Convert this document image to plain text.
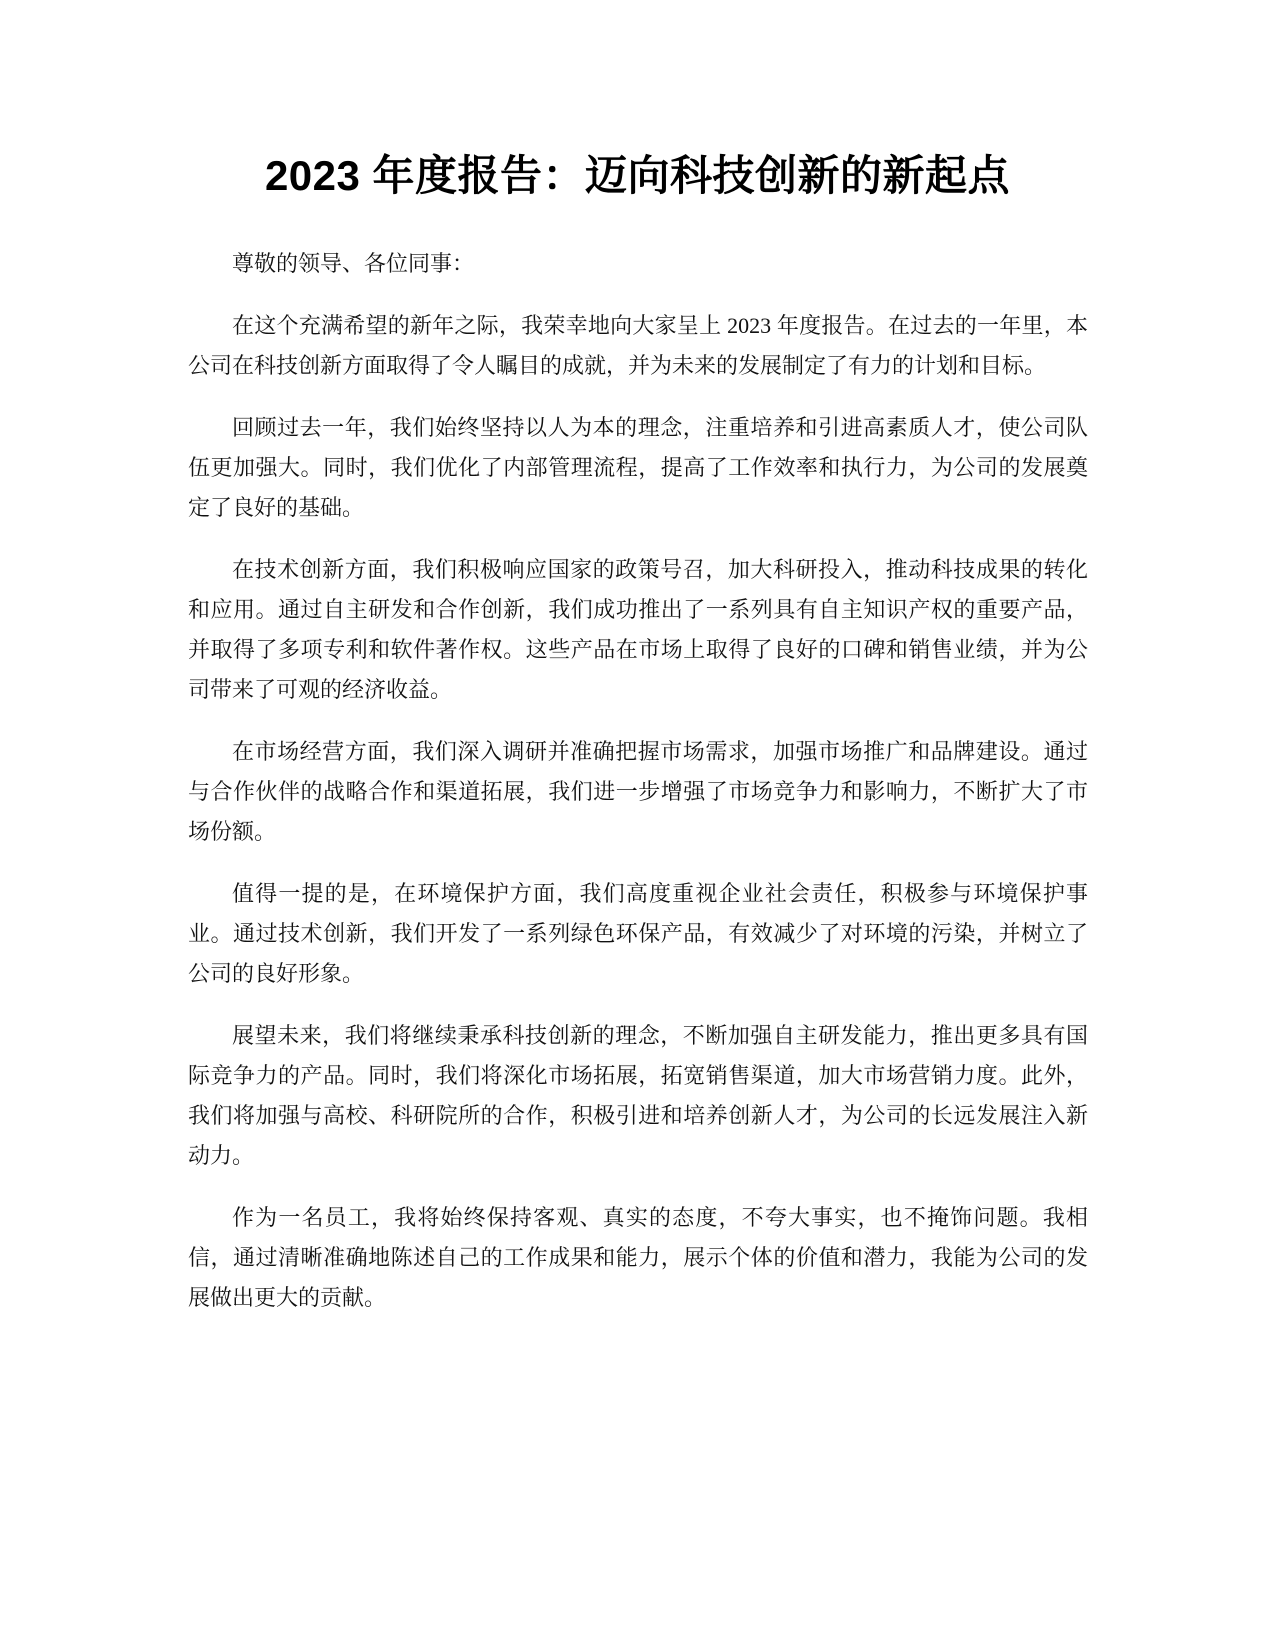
2023 年度报告：迈向科技创新的新起点

尊敬的领导、各位同事：

在这个充满希望的新年之际，我荣幸地向大家呈上 2023 年度报告。在过去的一年里，本公司在科技创新方面取得了令人瞩目的成就，并为未来的发展制定了有力的计划和目标。

回顾过去一年，我们始终坚持以人为本的理念，注重培养和引进高素质人才，使公司队伍更加强大。同时，我们优化了内部管理流程，提高了工作效率和执行力，为公司的发展奠定了良好的基础。

在技术创新方面，我们积极响应国家的政策号召，加大科研投入，推动科技成果的转化和应用。通过自主研发和合作创新，我们成功推出了一系列具有自主知识产权的重要产品，并取得了多项专利和软件著作权。这些产品在市场上取得了良好的口碑和销售业绩，并为公司带来了可观的经济收益。

在市场经营方面，我们深入调研并准确把握市场需求，加强市场推广和品牌建设。通过与合作伙伴的战略合作和渠道拓展，我们进一步增强了市场竞争力和影响力，不断扩大了市场份额。

值得一提的是，在环境保护方面，我们高度重视企业社会责任，积极参与环境保护事业。通过技术创新，我们开发了一系列绿色环保产品，有效减少了对环境的污染，并树立了公司的良好形象。

展望未来，我们将继续秉承科技创新的理念，不断加强自主研发能力，推出更多具有国际竞争力的产品。同时，我们将深化市场拓展，拓宽销售渠道，加大市场营销力度。此外，我们将加强与高校、科研院所的合作，积极引进和培养创新人才，为公司的长远发展注入新动力。

作为一名员工，我将始终保持客观、真实的态度，不夸大事实，也不掩饰问题。我相信，通过清晰准确地陈述自己的工作成果和能力，展示个体的价值和潜力，我能为公司的发展做出更大的贡献。
